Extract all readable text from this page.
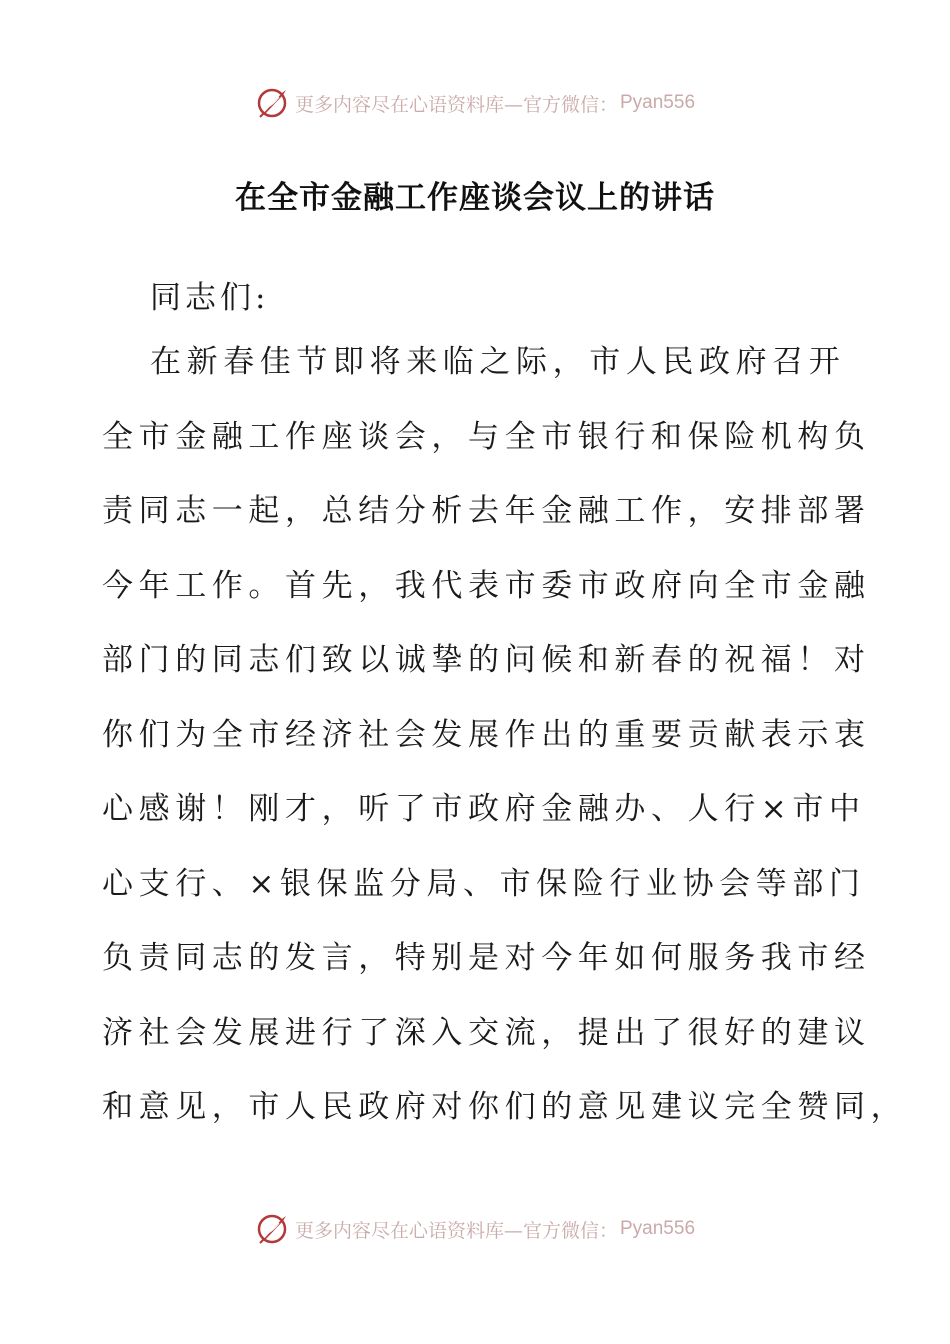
更多内容尽在心语资料库—官方微信： Pyan556
在全市金融工作座谈会议上的讲话
同志们:
在新春佳节即将来临之际，市人民政府召开
全市金融工作座谈会，与全市银行和保险机构负
责同志一起，总结分析去年金融工作，安排部署
今年工作。首先，我代表市委市政府向全市金融
部门的同志们致以诚挚的问候和新春的祝福！对
你们为全市经济社会发展作出的重要贡献表示衷
心感谢！刚才，听了市政府金融办、人行×市中
心支行、×银保监分局、市保险行业协会等部门
负责同志的发言，特别是对今年如何服务我市经
济社会发展进行了深入交流，提出了很好的建议
和意见，市人民政府对你们的意见建议完全赞同，
更多内容尽在心语资料库—官方微信： Pyan556
